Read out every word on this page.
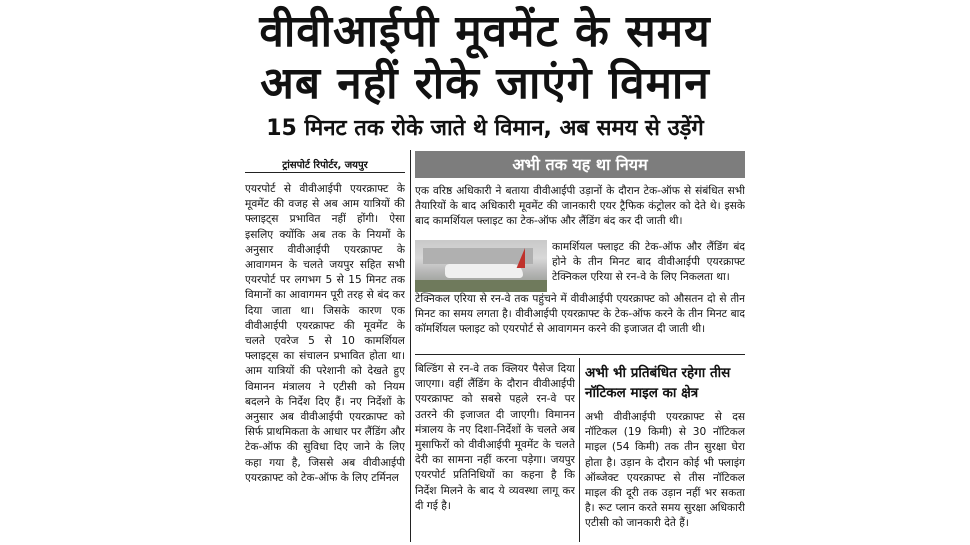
वीवीआईपी मूवमेंट के समय
अब नहीं रोके जाएंगे विमान
15 मिनट तक रोके जाते थे विमान, अब समय से उड़ेंगे
ट्रांसपोर्ट रिपोर्टर, जयपुर

एयरपोर्ट से वीवीआईपी एयरक्राफ्ट के मूवमेंट की वजह से अब आम यात्रियों की फ्लाइट्स प्रभावित नहीं होंगी। ऐसा इसलिए क्योंकि अब तक के नियमों के अनुसार वीवीआईपी एयरक्राफ्ट के आवागमन के चलते जयपुर सहित सभी एयरपोर्ट पर लगभग 5 से 15 मिनट तक विमानों का आवागमन पूरी तरह से बंद कर दिया जाता था। जिसके कारण एक वीवीआईपी एयरक्राफ्ट की मूवमेंट के चलते एवरेज 5 से 10 कामर्शियल फ्लाइट्स का संचालन प्रभावित होता था। आम यात्रियों की परेशानी को देखते हुए विमानन मंत्रालय ने एटीसी को नियम बदलने के निर्देश दिए हैं। नए निर्देशों के अनुसार अब वीवीआईपी एयरक्राफ्ट को सिर्फ प्राथमिकता के आधार पर लैंडिंग और टेक-ऑफ की सुविधा दिए जाने के लिए कहा गया है, जिससे अब वीवीआईपी एयरक्राफ्ट को टेक-ऑफ के लिए टर्मिनल

अभी तक यह था नियम

एक वरिष्ठ अधिकारी ने बताया वीवीआईपी उड़ानों के दौरान टेक-ऑफ से संबंधित सभी तैयारियों के बाद अधिकारी मूवमेंट की जानकारी एयर ट्रैफिक कंट्रोलर को देते थे। इसके बाद कामर्शियल फ्लाइट का टेक-ऑफ और लैंडिंग बंद कर दी जाती थी।

कामर्शियल फ्लाइट की टेक-ऑफ और लैंडिंग बंद होने के तीन मिनट बाद वीवीआईपी एयरक्राफ्ट टेक्निकल एरिया से रन-वे के लिए निकलता था।

टेक्निकल एरिया से रन-वे तक पहुंचने में वीवीआईपी एयरक्राफ्ट को औसतन दो से तीन मिनट का समय लगता है। वीवीआईपी एयरक्राफ्ट के टेक-ऑफ करने के तीन मिनट बाद कॉमर्शियल फ्लाइट को एयरपोर्ट से आवागमन करने की इजाजत दी जाती थी।

बिल्डिंग से रन-वे तक क्लियर पैसेज दिया जाएगा। वहीं लैंडिंग के दौरान वीवीआईपी एयरक्राफ्ट को सबसे पहले रन-वे पर उतरने की इजाजत दी जाएगी। विमानन मंत्रालय के नए दिशा-निर्देशों के चलते अब मुसाफिरों को वीवीआईपी मूवमेंट के चलते देरी का सामना नहीं करना पड़ेगा। जयपुर एयरपोर्ट प्रतिनिधियों का कहना है कि निर्देश मिलने के बाद ये व्यवस्था लागू कर दी गई है।

अभी भी प्रतिबंधित रहेगा तीस नॉटिकल माइल का क्षेत्र

अभी वीवीआईपी एयरक्राफ्ट से दस नॉटिकल (19 किमी) से 30 नॉटिकल माइल (54 किमी) तक तीन सुरक्षा घेरा होता है। उड़ान के दौरान कोई भी फ्लाइंग ऑब्जेक्ट एयरक्राफ्ट से तीस नॉटिकल माइल की दूरी तक उड़ान नहीं भर सकता है। रूट प्लान करते समय सुरक्षा अधिकारी एटीसी को जानकारी देते हैं।
